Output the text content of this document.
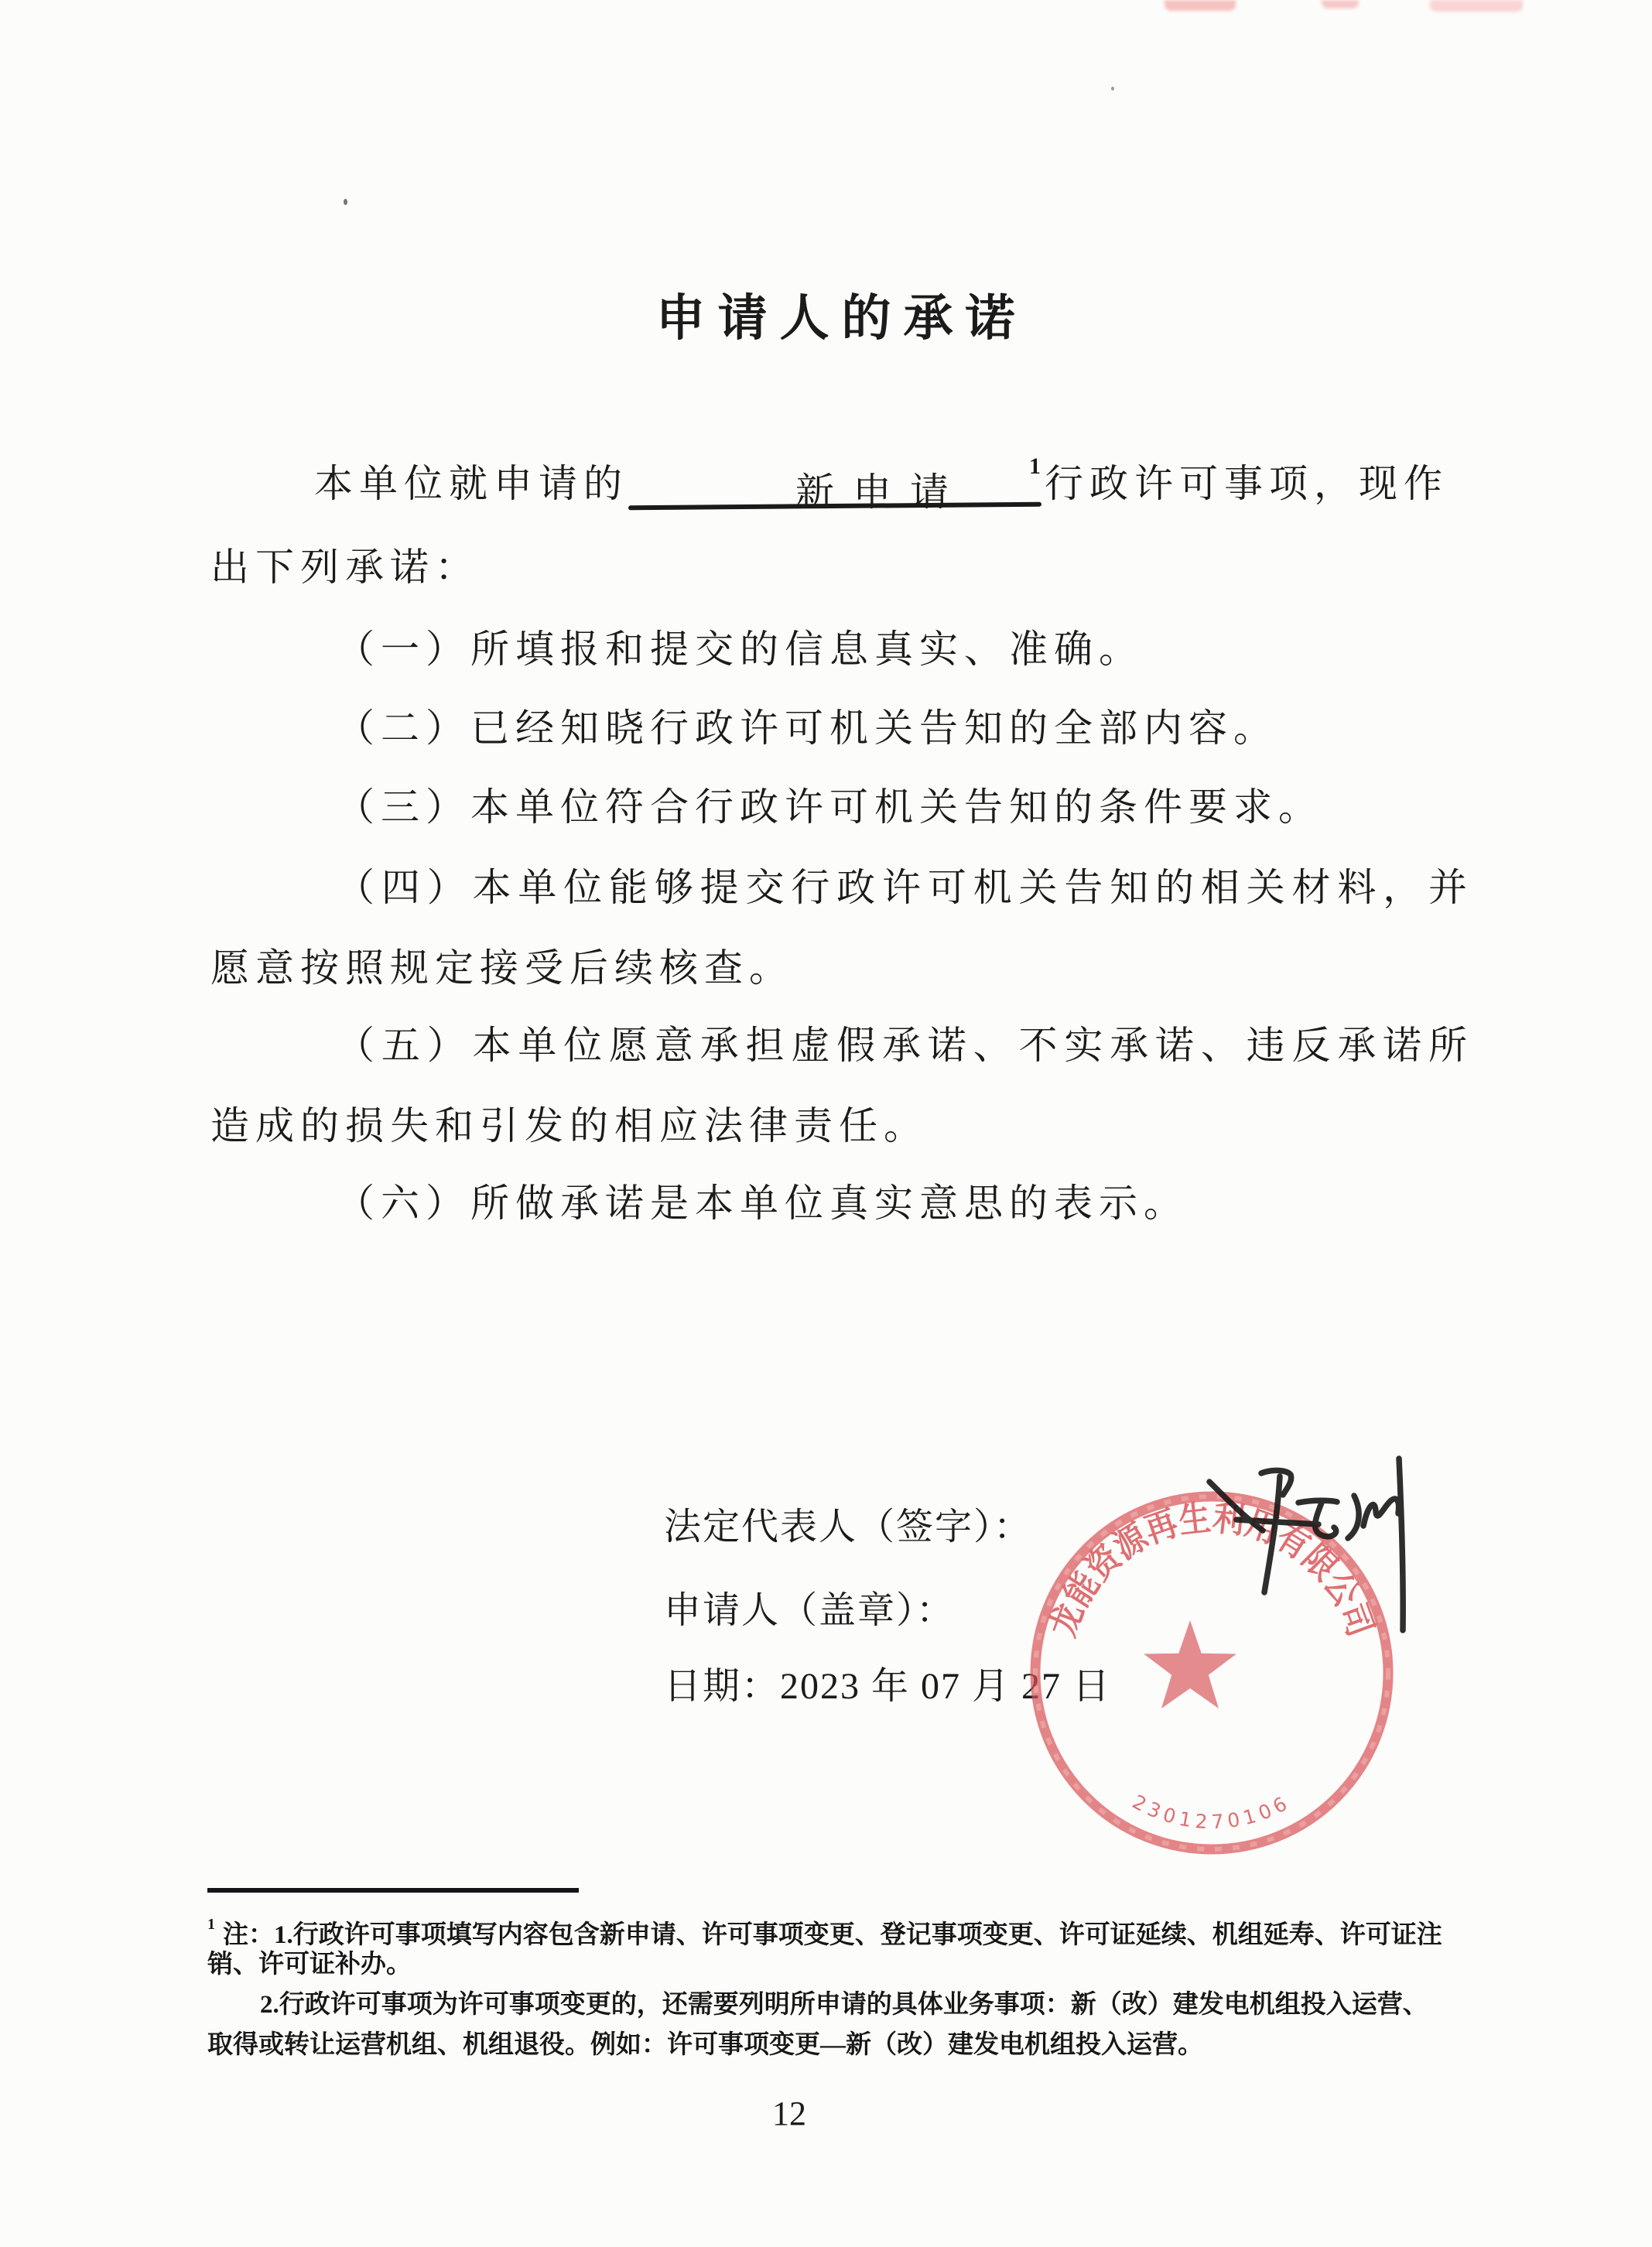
申请人的承诺
本单位就申请的	新申请
1 行政许可事项，现作
出下列承诺：
（一）所填报和提交的信息真实、准确。
（二）已经知晓行政许可机关告知的全部内容。
（三）本单位符合行政许可机关告知的条件要求。
（四）本单位能够提交行政许可机关告知的相关材料，并
愿意按照规定接受后续核查。
（五）本单位愿意承担虚假承诺、不实承诺、违反承诺所
造成的损失和引发的相应法律责任。
（六）所做承诺是本单位真实意思的表示。
法定代表人（签字）：
申请人（盖章）：
日期：2023 年 07 月 27 日
龙能资源再生利用有限公司
2301270106
$^1$ 注：1.行政许可事项填写内容包含新申请、许可事项变更、登记事项变更、许可证延续、机组延寿、许可证注
销、许可证补办。
2.行政许可事项为许可事项变更的，还需要列明所申请的具体业务事项：新（改）建发电机组投入运营、
取得或转让运营机组、机组退役。例如：许可事项变更—新（改）建发电机组投入运营。
12
